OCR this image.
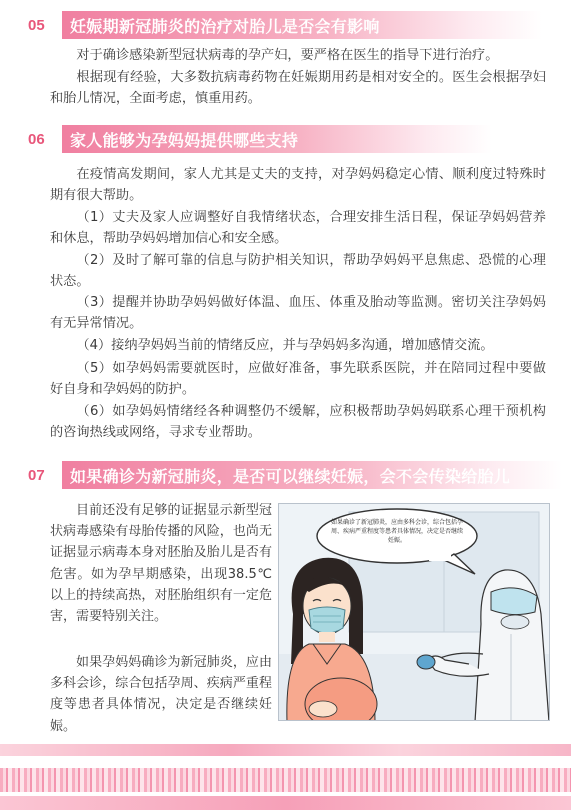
05	妊娠期新冠肺炎的治疗对胎儿是否会有影响

对于确诊感染新型冠状病毒的孕产妇，要严格在医生的指导下进行治疗。

根据现有经验，大多数抗病毒药物在妊娠期用药是相对安全的。医生会根据孕妇和胎儿情况，全面考虑，慎重用药。

06	家人能够为孕妈妈提供哪些支持

在疫情高发期间，家人尤其是丈夫的支持，对孕妈妈稳定心情、顺利度过特殊时期有很大帮助。

（1）丈夫及家人应调整好自我情绪状态，合理安排生活日程，保证孕妈妈营养和休息，帮助孕妈妈增加信心和安全感。

（2）及时了解可靠的信息与防护相关知识，帮助孕妈妈平息焦虑、恐慌的心理状态。

（3）提醒并协助孕妈妈做好体温、血压、体重及胎动等监测。密切关注孕妈妈有无异常情况。

（4）接纳孕妈妈当前的情绪反应，并与孕妈妈多沟通，增加感情交流。

（5）如孕妈妈需要就医时，应做好准备，事先联系医院，并在陪同过程中要做好自身和孕妈妈的防护。

（6）如孕妈妈情绪经各种调整仍不缓解，应积极帮助孕妈妈联系心理干预机构的咨询热线或网络，寻求专业帮助。

07	如果确诊为新冠肺炎，是否可以继续妊娠，会不会传染给胎儿

目前还没有足够的证据显示新型冠状病毒感染有母胎传播的风险，也尚无证据显示病毒本身对胚胎及胎儿是否有危害。如为孕早期感染，出现38.5℃以上的持续高热，对胚胎组织有一定危害，需要特别关注。

如果孕妈妈确诊为新冠肺炎，应由多科会诊，综合包括孕周、疾病严重程度等患者具体情况，决定是否继续妊娠。

如果确诊了新冠肺炎，应由多科会诊，综合包括孕周、疾病严重程度等患者具体情况，决定是否继续妊娠。
